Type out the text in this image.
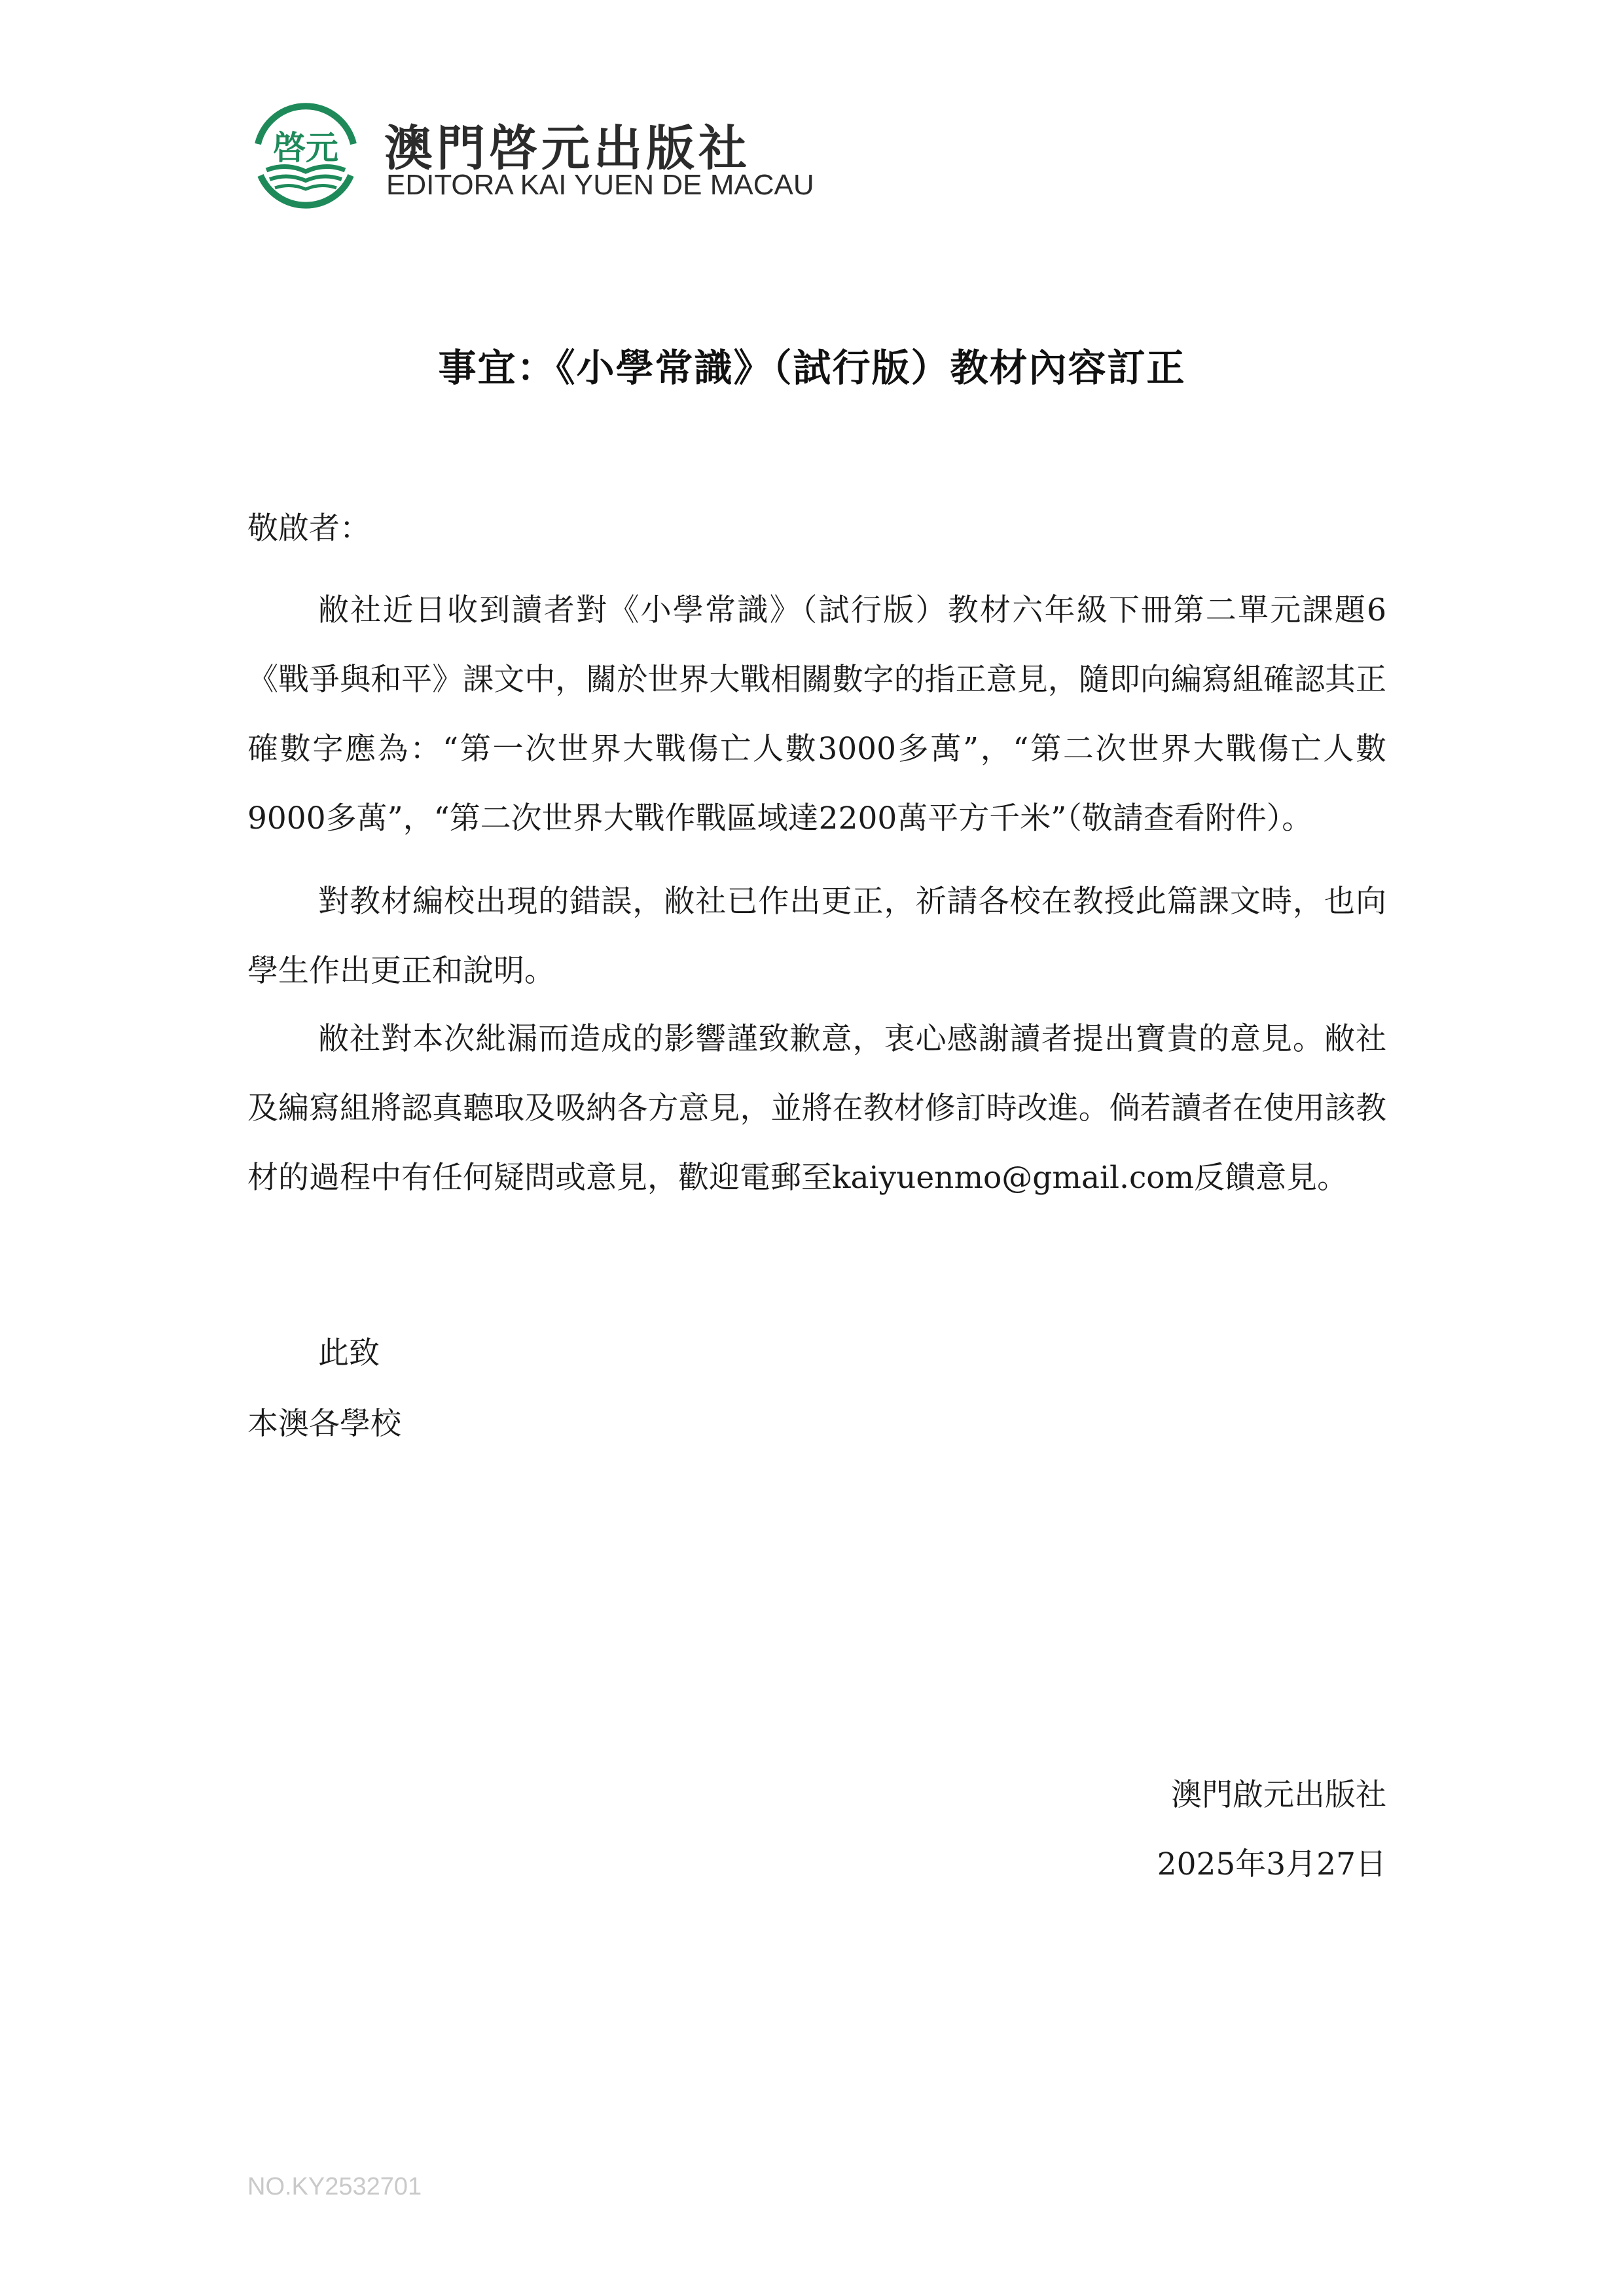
啓元 澳門啓元出版社
EDITORA KAI YUEN DE MACAU
事宜：《小學常識》（試行版）教材內容訂正
敬啟者：
敝社近日收到讀者對《小學常識》（試行版）教材六年級下冊第二單元課題6《戰爭與和平》課文中，關於世界大戰相關數字的指正意見，隨即向編寫組確認其正確數字應為：“第一次世界大戰傷亡人數3000多萬”，“第二次世界大戰傷亡人數9000多萬”，“第二次世界大戰作戰區域達2200萬平方千米”（敬請查看附件）。
對教材編校出現的錯誤，敝社已作出更正，祈請各校在教授此篇課文時，也向學生作出更正和說明。
敝社對本次紕漏而造成的影響謹致歉意，衷心感謝讀者提出寶貴的意見。敝社及編寫組將認真聽取及吸納各方意見，並將在教材修訂時改進。倘若讀者在使用該教材的過程中有任何疑問或意見，歡迎電郵至kaiyuenmo@gmail.com反饋意見。
此致
本澳各學校
澳門啟元出版社
2025年3月27日
NO.KY2532701
